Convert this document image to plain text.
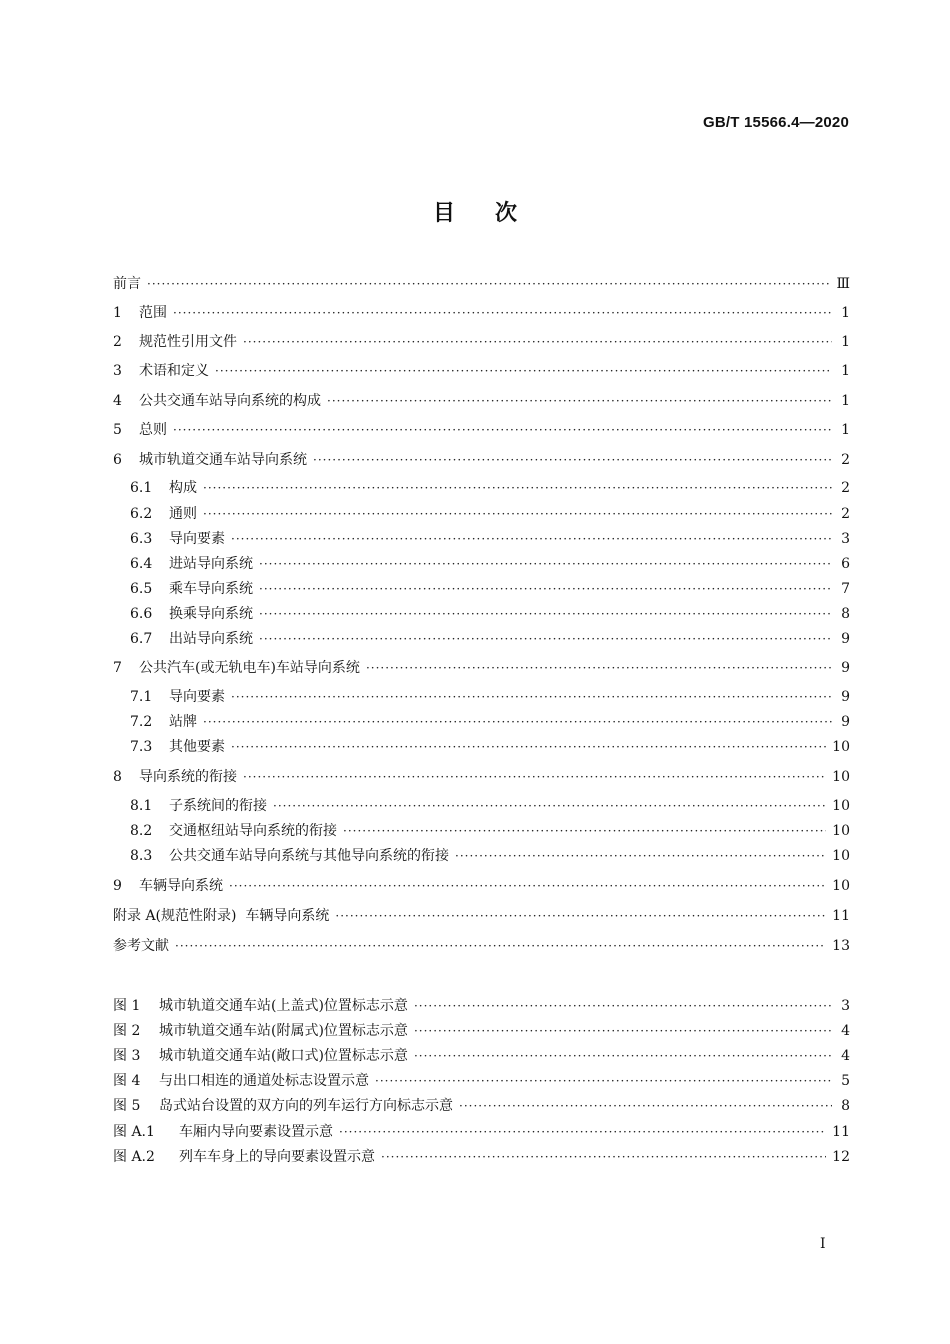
GB/T 15566.4—2020
目 次
前言 ·····	Ⅲ
1	范围 ·····	1
2	规范性引用文件 ·····	1
3	术语和定义 ·····	1
4	公共交通车站导向系统的构成 ·····	1
5	总则 ·····	1
6	城市轨道交通车站导向系统 ·····	2
6.1	构成 ·····	2
6.2	通则 ·····	2
6.3	导向要素 ·····	3
6.4	进站导向系统 ·····	6
6.5	乘车导向系统 ·····	7
6.6	换乘导向系统 ·····	8
6.7	出站导向系统 ·····	9
7	公共汽车(或无轨电车)车站导向系统 ·····	9
7.1	导向要素 ·····	9
7.2	站牌 ·····	9
7.3	其他要素 ·····	10
8	导向系统的衔接 ·····	10
8.1	子系统间的衔接 ·····	10
8.2	交通枢纽站导向系统的衔接 ·····	10
8.3	公共交通车站导向系统与其他导向系统的衔接 ·····	10
9	车辆导向系统 ·····	10
附录 A(规范性附录)  车辆导向系统 ·····	11
参考文献 ·····	13
图 1	城市轨道交通车站(上盖式)位置标志示意 ·····	3
图 2	城市轨道交通车站(附属式)位置标志示意 ·····	4
图 3	城市轨道交通车站(敞口式)位置标志示意 ·····	4
图 4	与出口相连的通道处标志设置示意 ·····	5
图 5	岛式站台设置的双方向的列车运行方向标志示意 ·····	8
图 A.1	车厢内导向要素设置示意 ·····	11
图 A.2	列车车身上的导向要素设置示意 ·····	12
I
